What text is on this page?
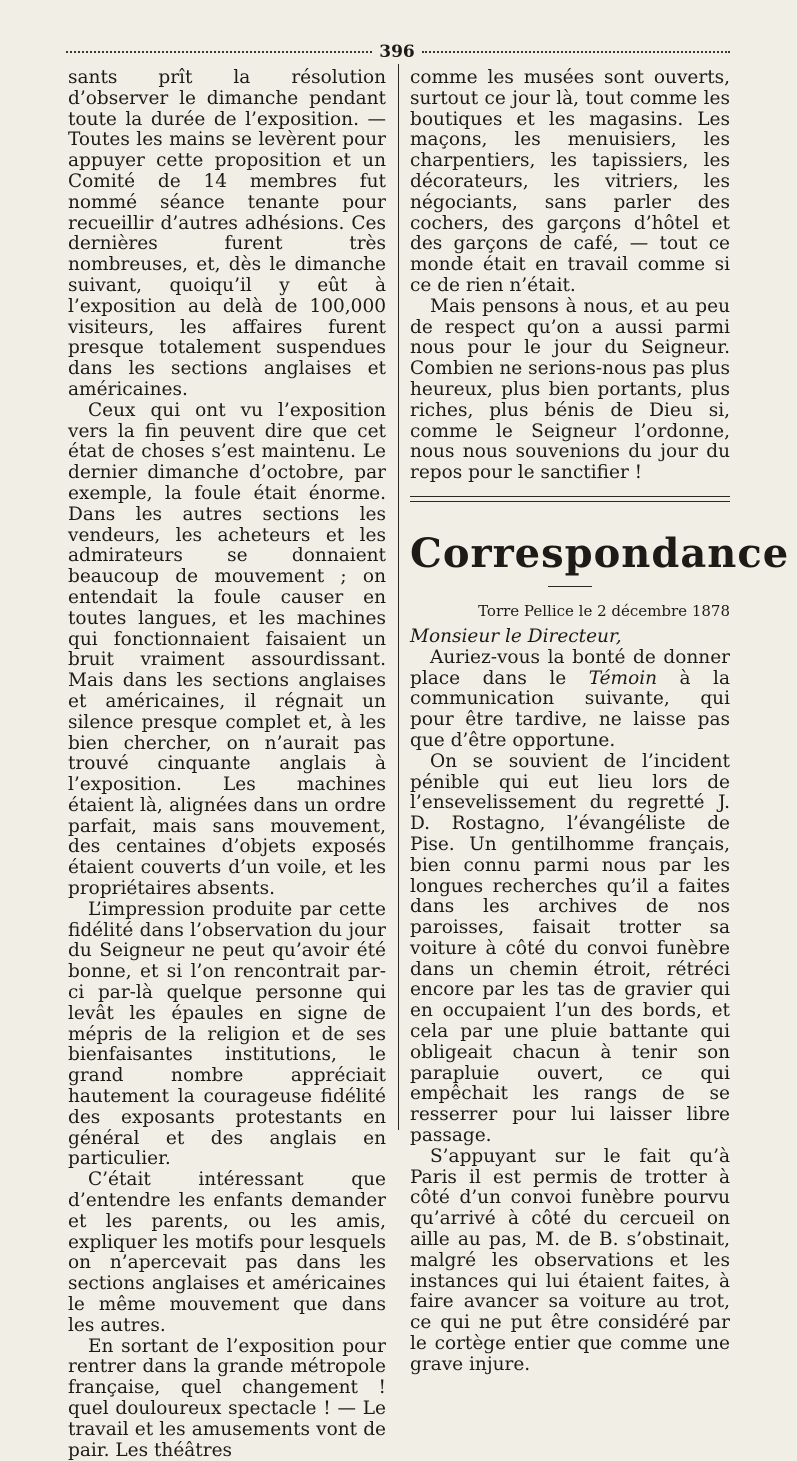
396

sants prît la résolution d’observer le dimanche pendant toute la durée de l’exposition. — Toutes les mains se levèrent pour appuyer cette proposition et un Comité de 14 membres fut nommé séance tenante pour recueillir d’autres adhésions. Ces dernières furent très nombreuses, et, dès le dimanche suivant, quoiqu’il y eût à l’exposition au delà de 100,000 visiteurs, les affaires furent presque totalement suspendues dans les sections anglaises et américaines.

Ceux qui ont vu l’exposition vers la fin peuvent dire que cet état de choses s’est maintenu. Le dernier dimanche d’octobre, par exemple, la foule était énorme. Dans les autres sections les vendeurs, les acheteurs et les admirateurs se donnaient beaucoup de mouvement ; on entendait la foule causer en toutes langues, et les machines qui fonctionnaient faisaient un bruit vraiment assourdissant. Mais dans les sections anglaises et américaines, il régnait un silence presque complet et, à les bien chercher, on n’aurait pas trouvé cinquante anglais à l’exposition. Les machines étaient là, alignées dans un ordre parfait, mais sans mouvement, des centaines d’objets exposés étaient couverts d’un voile, et les propriétaires absents.

L’impression produite par cette fidélité dans l’observation du jour du Seigneur ne peut qu’avoir été bonne, et si l’on rencontrait par-ci par-là quelque personne qui levât les épaules en signe de mépris de la religion et de ses bienfaisantes institutions, le grand nombre appréciait hautement la courageuse fidélité des exposants protestants en général et des anglais en particulier.

C’était intéressant que d’entendre les enfants demander et les parents, ou les amis, expliquer les motifs pour lesquels on n’apercevait pas dans les sections anglaises et américaines le même mouvement que dans les autres.

En sortant de l’exposition pour rentrer dans la grande métropole française, quel changement ! quel douloureux spectacle ! — Le travail et les amusements vont de pair. Les théâtres

comme les musées sont ouverts, surtout ce jour là, tout comme les boutiques et les magasins. Les maçons, les menuisiers, les charpentiers, les tapissiers, les décorateurs, les vitriers, les négociants, sans parler des cochers, des garçons d’hôtel et des garçons de café, — tout ce monde était en travail comme si ce de rien n’était.

Mais pensons à nous, et au peu de respect qu’on a aussi parmi nous pour le jour du Seigneur. Combien ne serions-nous pas plus heureux, plus bien portants, plus riches, plus bénis de Dieu si, comme le Seigneur l’ordonne, nous nous souvenions du jour du repos pour le sanctifier !

Correspondance
Torre Pellice le 2 décembre 1878

Monsieur le Directeur,

Auriez-vous la bonté de donner place dans le Témoin à la communication suivante, qui pour être tardive, ne laisse pas que d’être opportune.

On se souvient de l’incident pénible qui eut lieu lors de l’ensevelissement du regretté J. D. Rostagno, l’évangéliste de Pise. Un gentilhomme français, bien connu parmi nous par les longues recherches qu’il a faites dans les archives de nos paroisses, faisait trotter sa voiture à côté du convoi funèbre dans un chemin étroit, rétréci encore par les tas de gravier qui en occupaient l’un des bords, et cela par une pluie battante qui obligeait chacun à tenir son parapluie ouvert, ce qui empêchait les rangs de se resserrer pour lui laisser libre passage.

S’appuyant sur le fait qu’à Paris il est permis de trotter à côté d’un convoi funèbre pourvu qu’arrivé à côté du cercueil on aille au pas, M. de B. s’obstinait, malgré les observations et les instances qui lui étaient faites, à faire avancer sa voiture au trot, ce qui ne put être considéré par le cortège entier que comme une grave injure.
